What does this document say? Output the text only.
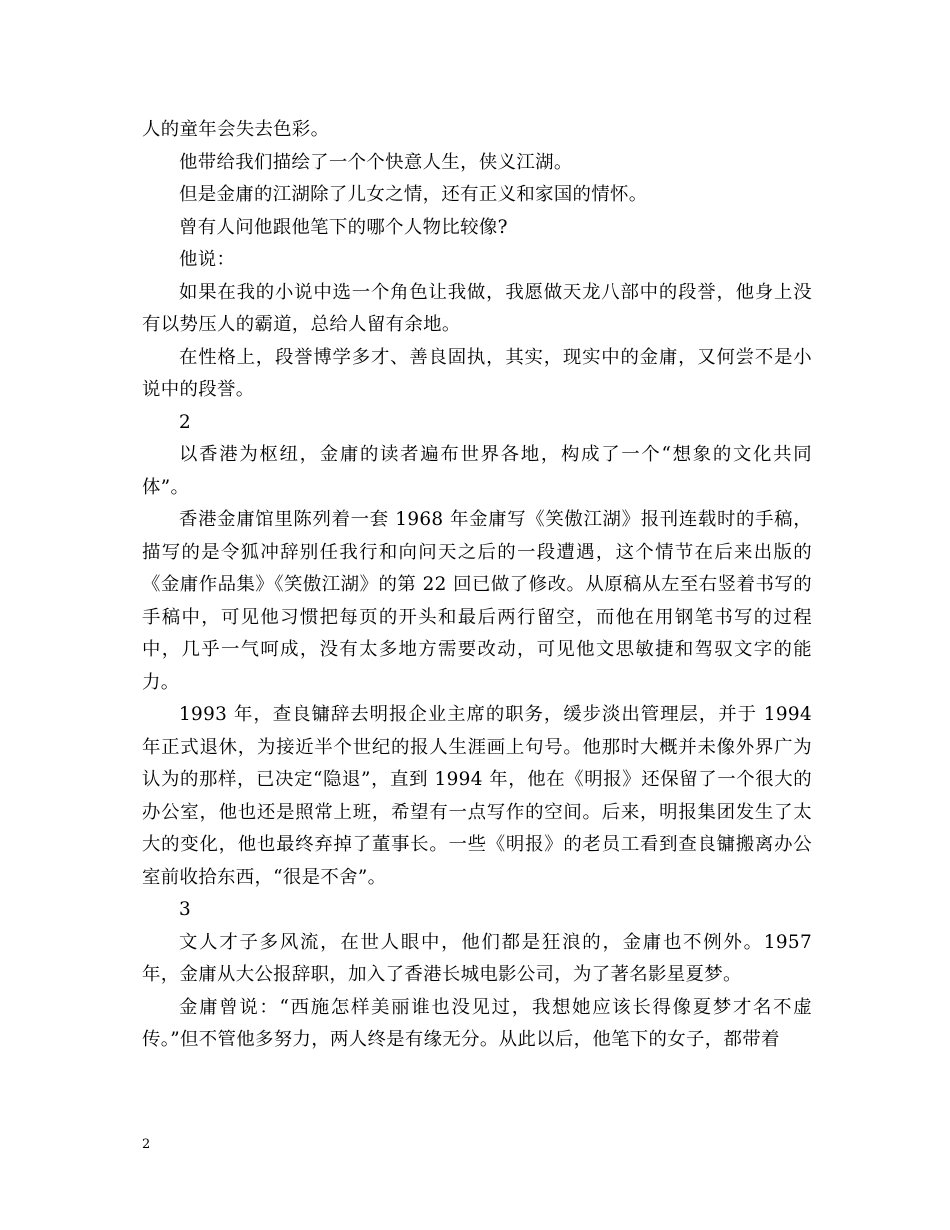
人的童年会失去色彩。

他带给我们描绘了一个个快意人生，侠义江湖。

但是金庸的江湖除了儿女之情，还有正义和家国的情怀。

曾有人问他跟他笔下的哪个人物比较像?

他说：

如果在我的小说中选一个角色让我做，我愿做天龙八部中的段誉，他身上没有以势压人的霸道，总给人留有余地。

在性格上，段誉博学多才、善良固执，其实，现实中的金庸，又何尝不是小说中的段誉。

2

以香港为枢纽，金庸的读者遍布世界各地，构成了一个“想象的文化共同体”。

香港金庸馆里陈列着一套 1968 年金庸写《笑傲江湖》报刊连载时的手稿，描写的是令狐冲辞别任我行和向问天之后的一段遭遇，这个情节在后来出版的《金庸作品集》《笑傲江湖》的第 22 回已做了修改。从原稿从左至右竖着书写的手稿中，可见他习惯把每页的开头和最后两行留空，而他在用钢笔书写的过程中，几乎一气呵成，没有太多地方需要改动，可见他文思敏捷和驾驭文字的能力。

1993 年，查良镛辞去明报企业主席的职务，缓步淡出管理层，并于 1994 年正式退休，为接近半个世纪的报人生涯画上句号。他那时大概并未像外界广为认为的那样，已决定“隐退”，直到 1994 年，他在《明报》还保留了一个很大的办公室，他也还是照常上班，希望有一点写作的空间。后来，明报集团发生了太大的变化，他也最终弃掉了董事长。一些《明报》的老员工看到查良镛搬离办公室前收拾东西，“很是不舍”。

3

文人才子多风流，在世人眼中，他们都是狂浪的，金庸也不例外。1957 年，金庸从大公报辞职，加入了香港长城电影公司，为了著名影星夏梦。

金庸曾说：“西施怎样美丽谁也没见过，我想她应该长得像夏梦才名不虚传。”但不管他多努力，两人终是有缘无分。从此以后，他笔下的女子，都带着

2
